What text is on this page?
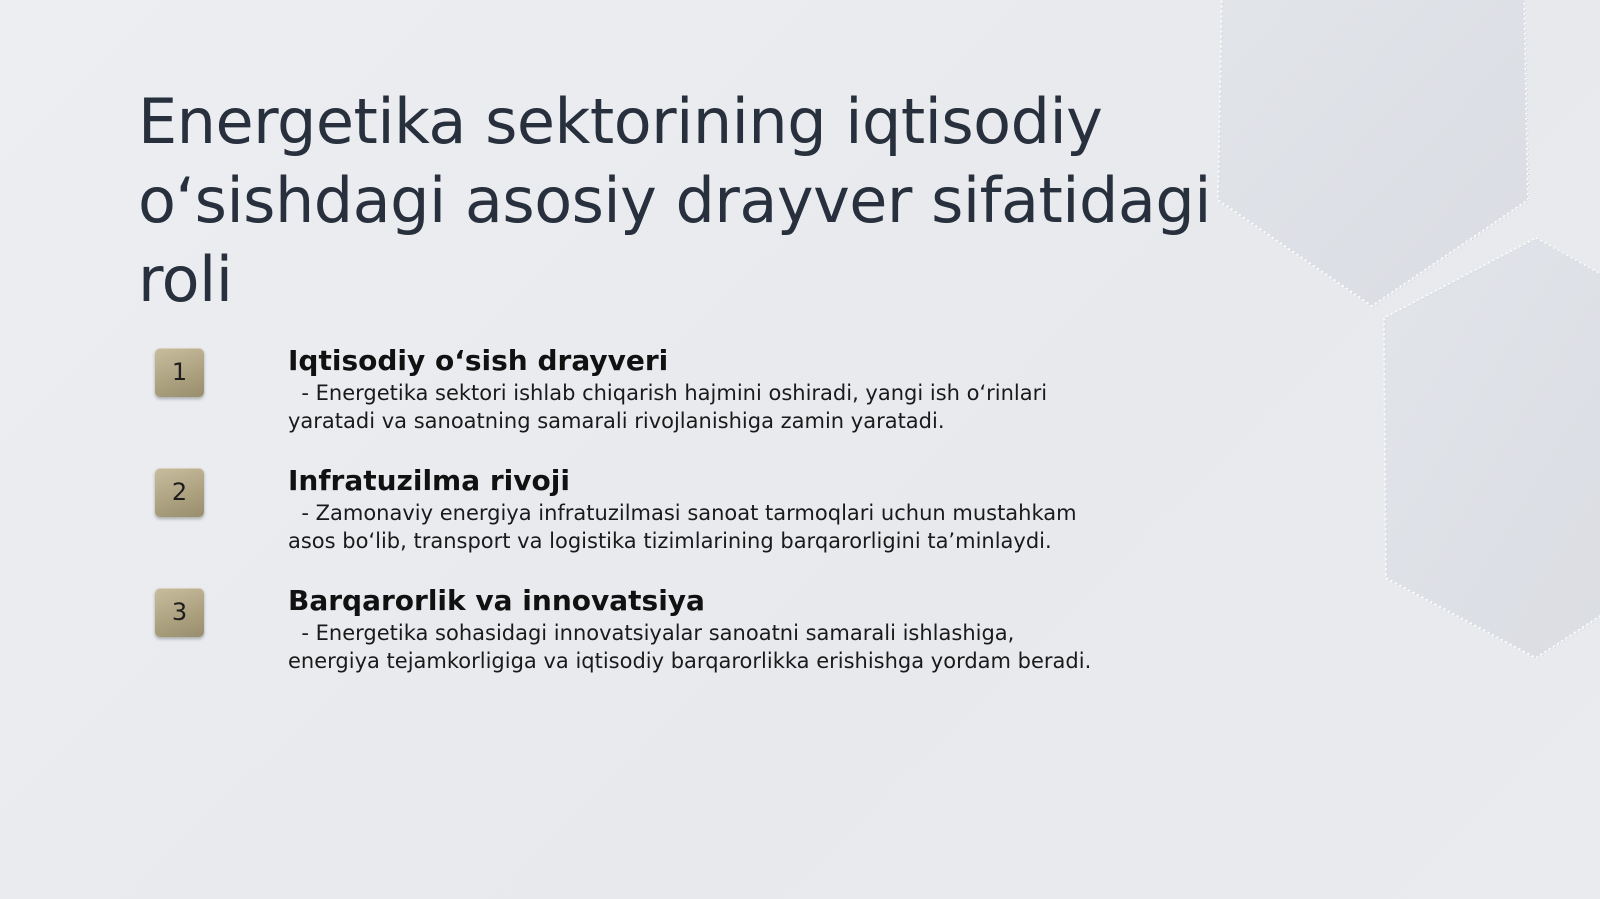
Energetika sektorining iqtisodiy o‘sishdagi asosiy drayver sifatidagi roli
1	Iqtisodiy o‘sish drayveri

- Energetika sektori ishlab chiqarish hajmini oshiradi, yangi ish o‘rinlari yaratadi va sanoatning samarali rivojlanishiga zamin yaratadi.

2	Infratuzilma rivoji

- Zamonaviy energiya infratuzilmasi sanoat tarmoqlari uchun mustahkam asos bo‘lib, transport va logistika tizimlarining barqarorligini ta’minlaydi.

3	Barqarorlik va innovatsiya

- Energetika sohasidagi innovatsiyalar sanoatni samarali ishlashiga, energiya tejamkorligiga va iqtisodiy barqarorlikka erishishga yordam beradi.
